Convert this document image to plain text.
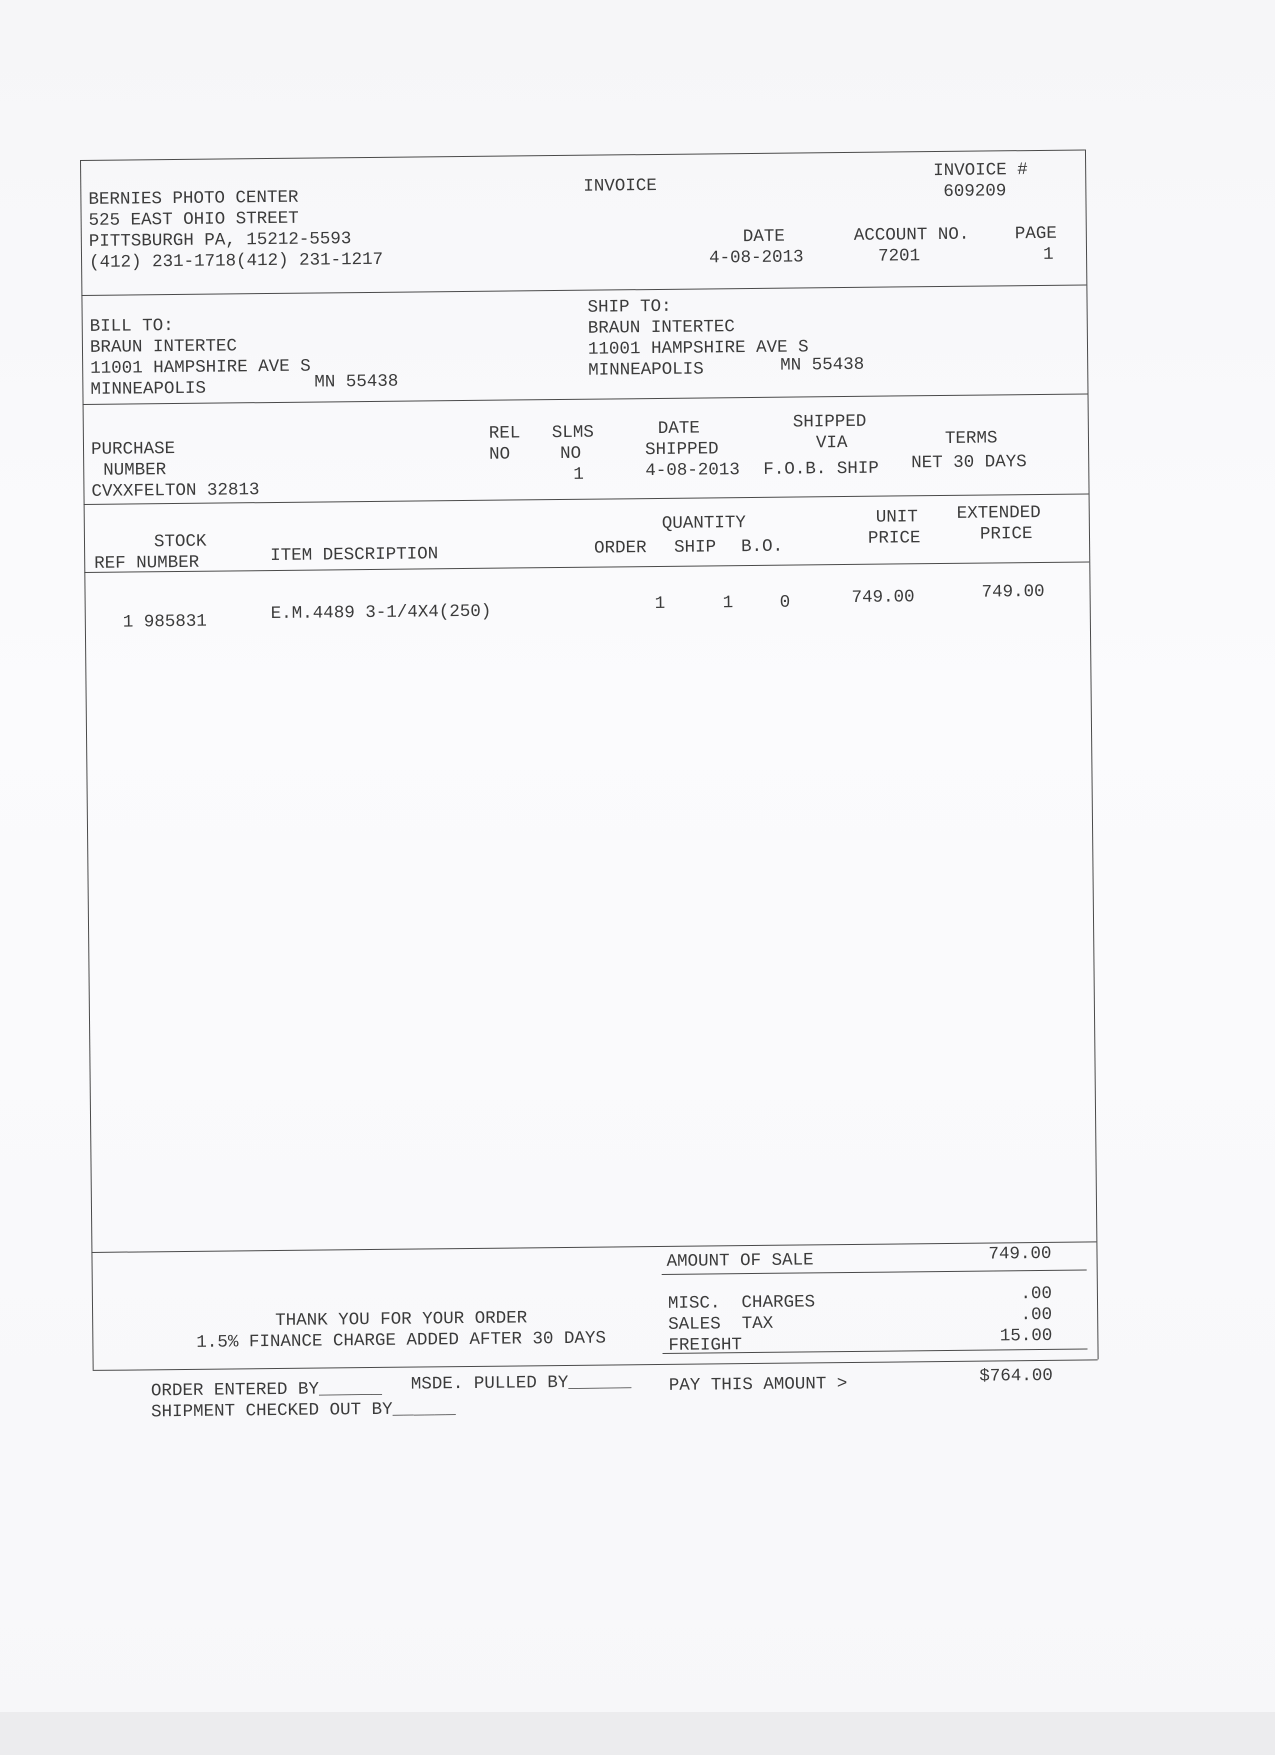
BERNIES PHOTO CENTER
525 EAST OHIO STREET
PITTSBURGH PA, 15212-5593
(412) 231-1718(412) 231-1217
INVOICE
INVOICE #
609209
DATE
4-08-2013
ACCOUNT NO.
7201
PAGE
1
BILL TO:
BRAUN INTERTEC
11001 HAMPSHIRE AVE S
MINNEAPOLIS	MN 55438
SHIP TO:
BRAUN INTERTEC
11001 HAMPSHIRE AVE S
MINNEAPOLIS	MN 55438
PURCHASE
NUMBER
CVXXFELTON 32813
REL
NO
SLMS
NO
1
DATE
SHIPPED
4-08-2013
SHIPPED
VIA
F.O.B. SHIP
TERMS
NET 30 DAYS
STOCK
REF NUMBER	ITEM DESCRIPTION
QUANTITY
ORDER SHIP B.O.
UNIT
PRICE
EXTENDED
PRICE
1 985831	E.M.4489 3-1/4X4(250)	1	1	0	749.00	749.00
AMOUNT OF SALE	749.00
MISC.  CHARGES	.00
SALES  TAX	.00
FREIGHT	15.00
PAY THIS AMOUNT >	$764.00
THANK YOU FOR YOUR ORDER
1.5% FINANCE CHARGE ADDED AFTER 30 DAYS
ORDER ENTERED BY______ MSDE. PULLED BY______
SHIPMENT CHECKED OUT BY______
